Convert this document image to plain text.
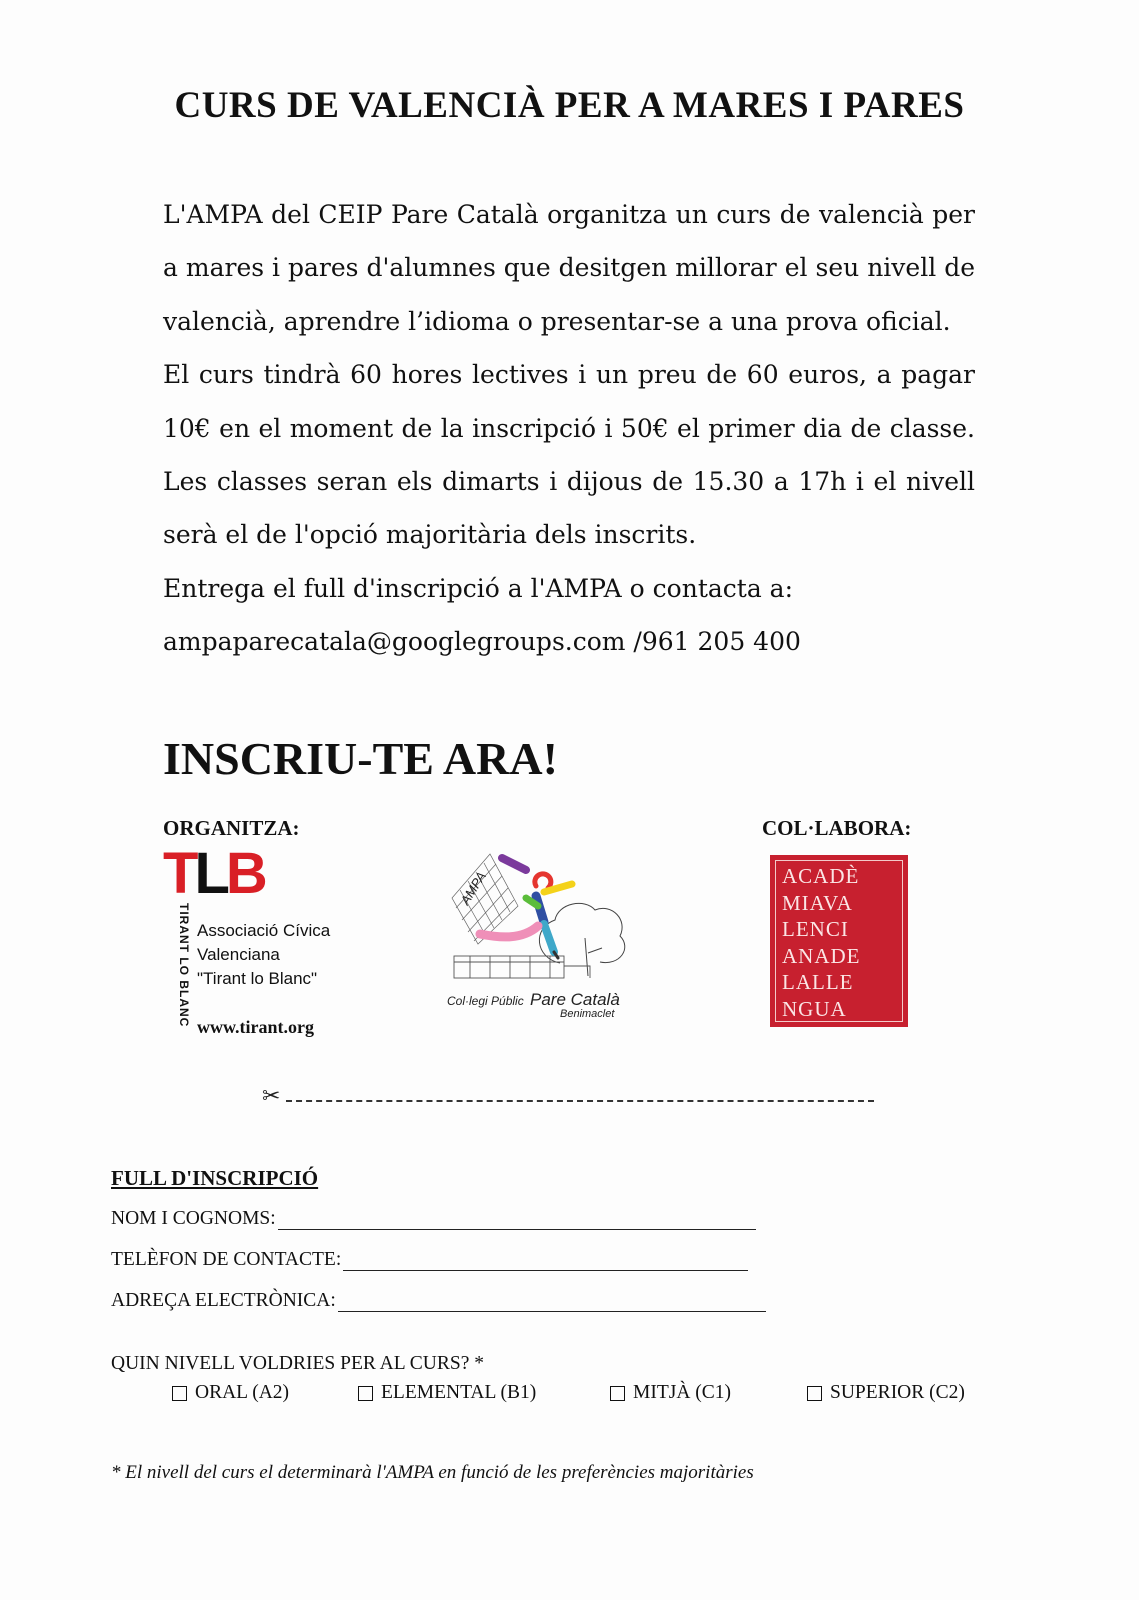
CURS DE VALENCIÀ PER A MARES I PARES

L'AMPA del CEIP Pare Català organitza un curs de valencià per a mares i pares d'alumnes que desitgen millorar el seu nivell de valencià, aprendre l’idioma o presentar-se a una prova oficial.

El curs tindrà 60 hores lectives i un preu de 60 euros, a pagar 10€ en el moment de la inscripció i 50€ el primer dia de classe. Les classes seran els dimarts i dijous de 15.30 a 17h i el nivell serà el de l'opció majoritària dels inscrits.

Entrega el full d'inscripció a l'AMPA o contacta a:

ampaparecatala@googlegroups.com /961 205 400

INSCRIU-TE ARA!
ORGANITZA:	COL·LABORA:
TLB
TIRANT LO BLANC Associació Cívica
Valenciana
"Tirant lo Blanc"
www.tirant.org
AMPA
Col·legi Públic Pare Català
Benimaclet
ACADÈ
MIAVA
LENCI
ANADE
LALLE
NGUA
✂
FULL D'INSCRIPCIÓ
NOM I COGNOMS:
TELÈFON DE CONTACTE:
ADREÇA ELECTRÒNICA:
QUIN NIVELL VOLDRIES PER AL CURS? *
ORAL (A2)	ELEMENTAL (B1)	MITJÀ (C1)	SUPERIOR (C2)
* El nivell del curs el determinarà l'AMPA en funció de les preferències majoritàries
